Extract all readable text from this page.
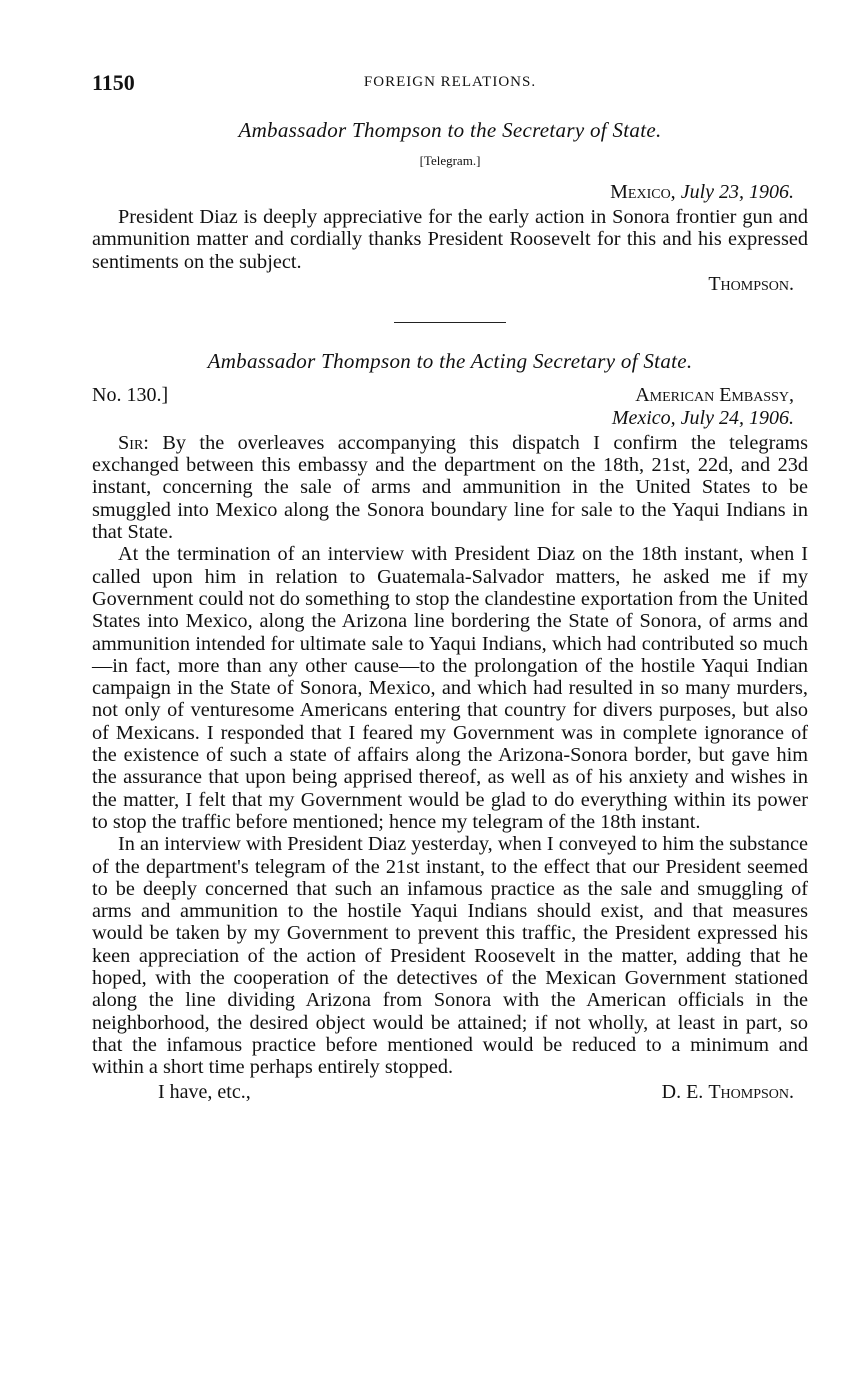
1150	FOREIGN RELATIONS.
Ambassador Thompson to the Secretary of State.
[Telegram.]
Mexico, July 23, 1906.

President Diaz is deeply appreciative for the early action in Sonora frontier gun and ammunition matter and cordially thanks President Roosevelt for this and his expressed sentiments on the subject.

Thompson.
Ambassador Thompson to the Acting Secretary of State.
No. 130.]	American Embassy,
Mexico, July 24, 1906.

Sir: By the overleaves accompanying this dispatch I confirm the telegrams exchanged between this embassy and the department on the 18th, 21st, 22d, and 23d instant, concerning the sale of arms and ammunition in the United States to be smuggled into Mexico along the Sonora boundary line for sale to the Yaqui Indians in that State.

At the termination of an interview with President Diaz on the 18th instant, when I called upon him in relation to Guatemala-Salvador matters, he asked me if my Government could not do something to stop the clandestine exportation from the United States into Mexico, along the Arizona line bordering the State of Sonora, of arms and ammunition intended for ultimate sale to Yaqui Indians, which had contributed so much—in fact, more than any other cause—to the prolongation of the hostile Yaqui Indian campaign in the State of Sonora, Mexico, and which had resulted in so many murders, not only of venturesome Americans entering that country for divers purposes, but also of Mexicans. I responded that I feared my Government was in complete ignorance of the existence of such a state of affairs along the Arizona-Sonora border, but gave him the assurance that upon being apprised thereof, as well as of his anxiety and wishes in the matter, I felt that my Government would be glad to do everything within its power to stop the traffic before mentioned; hence my telegram of the 18th instant.

In an interview with President Diaz yesterday, when I conveyed to him the substance of the department's telegram of the 21st instant, to the effect that our President seemed to be deeply concerned that such an infamous practice as the sale and smuggling of arms and ammunition to the hostile Yaqui Indians should exist, and that measures would be taken by my Government to prevent this traffic, the President expressed his keen appreciation of the action of President Roosevelt in the matter, adding that he hoped, with the cooperation of the detectives of the Mexican Government stationed along the line dividing Arizona from Sonora with the American officials in the neighborhood, the desired object would be attained; if not wholly, at least in part, so that the infamous practice before mentioned would be reduced to a minimum and within a short time perhaps entirely stopped.

I have, etc.,	D. E. Thompson.
